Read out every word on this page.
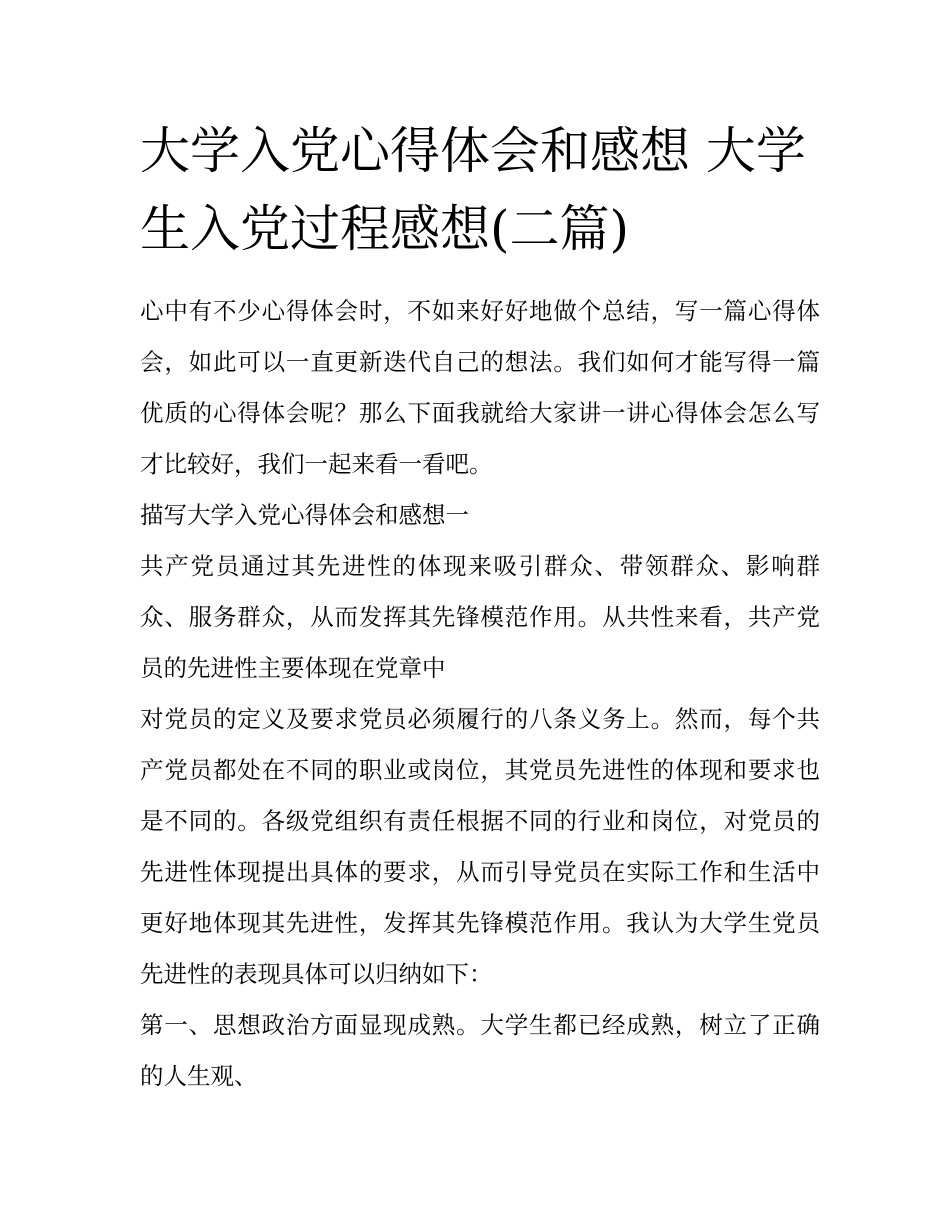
大学入党心得体会和感想 大学生入党过程感想(二篇)

心中有不少心得体会时，不如来好好地做个总结，写一篇心得体会，如此可以一直更新迭代自己的想法。我们如何才能写得一篇优质的心得体会呢？那么下面我就给大家讲一讲心得体会怎么写才比较好，我们一起来看一看吧。

描写大学入党心得体会和感想一

共产党员通过其先进性的体现来吸引群众、带领群众、影响群众、服务群众，从而发挥其先锋模范作用。从共性来看，共产党员的先进性主要体现在党章中

对党员的定义及要求党员必须履行的八条义务上。然而，每个共产党员都处在不同的职业或岗位，其党员先进性的体现和要求也是不同的。各级党组织有责任根据不同的行业和岗位，对党员的先进性体现提出具体的要求，从而引导党员在实际工作和生活中更好地体现其先进性，发挥其先锋模范作用。我认为大学生党员先进性的表现具体可以归纳如下：

第一、思想政治方面显现成熟。大学生都已经成熟，树立了正确的人生观、
